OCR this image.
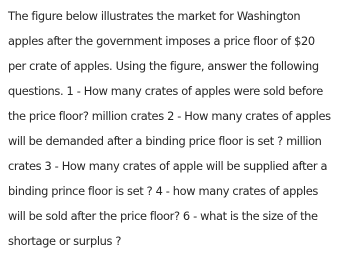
The figure below illustrates the market for Washington
apples after the government imposes a price floor of $20
per crate of apples. Using the figure, answer the following
questions. 1 - How many crates of apples were sold before
the price floor? million crates 2 - How many crates of apples
will be demanded after a binding price floor is set ? million
crates 3 - How many crates of apple will be supplied after a
binding prince floor is set ? 4 - how many crates of apples
will be sold after the price floor? 6 - what is the size of the
shortage or surplus ?
